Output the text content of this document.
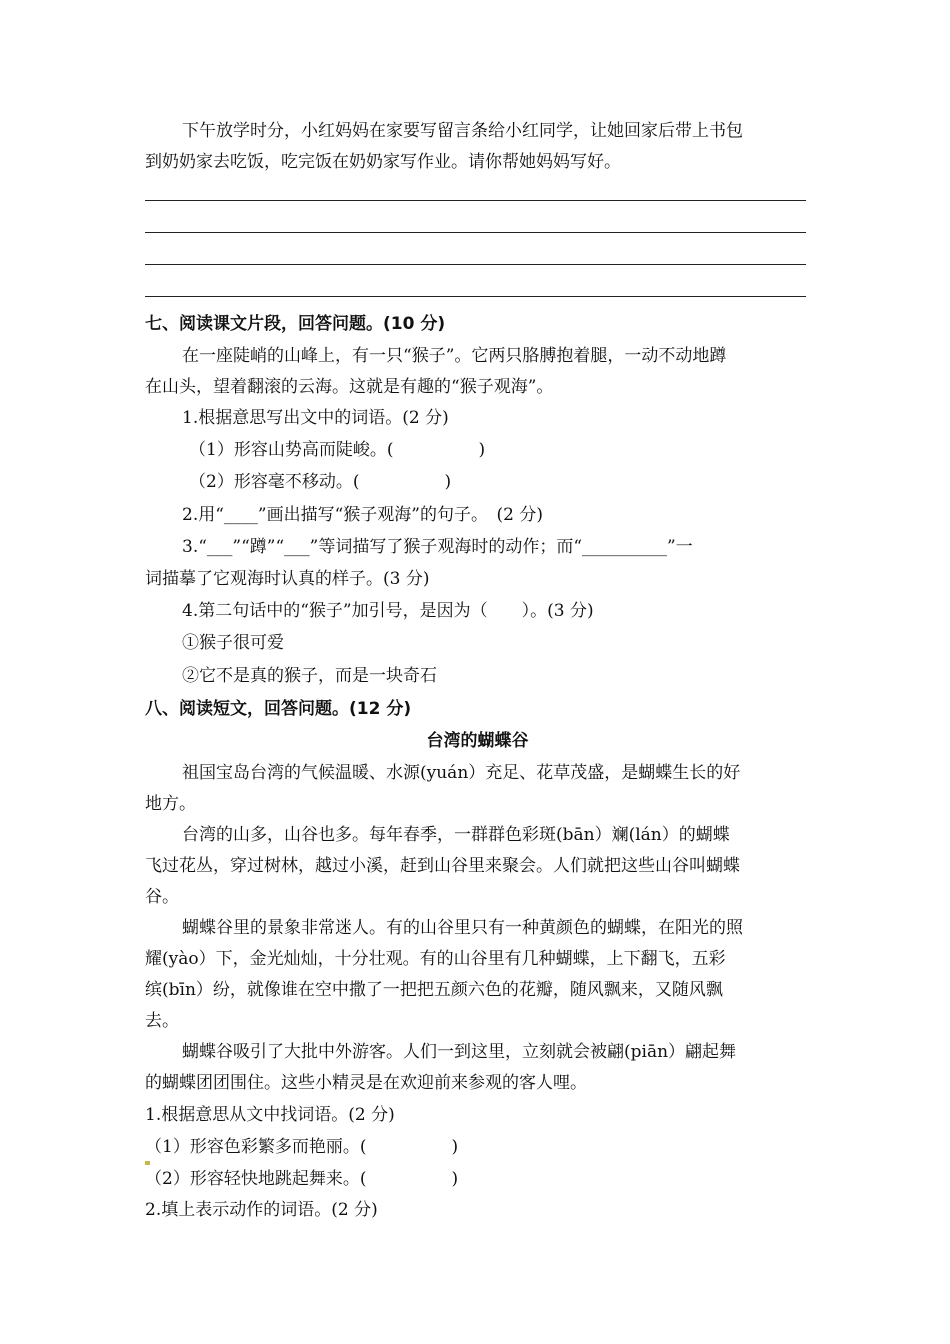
下午放学时分，小红妈妈在家要写留言条给小红同学，让她回家后带上书包
到奶奶家去吃饭，吃完饭在奶奶家写作业。请你帮她妈妈写好。
七、阅读课文片段，回答问题。(10 分)
在一座陡峭的山峰上，有一只“猴子”。它两只胳膊抱着腿，一动不动地蹲
在山头，望着翻滚的云海。这就是有趣的“猴子观海”。
1.根据意思写出文中的词语。(2 分)
（1）形容山势高而陡峻。(　　　　　)
（2）形容毫不移动。(　　　　　)
2.用“____”画出描写“猴子观海”的句子。　(2 分)
3.“___”“蹲”“___”等词描写了猴子观海时的动作；而“__________”一
词描摹了它观海时认真的样子。(3 分)
4.第二句话中的“猴子”加引号，是因为（　　）。(3 分)
①猴子很可爱
②它不是真的猴子，而是一块奇石
八、阅读短文，回答问题。(12 分)
台湾的蝴蝶谷
祖国宝岛台湾的气候温暖、水源(yuán）充足、花草茂盛，是蝴蝶生长的好
地方。
台湾的山多，山谷也多。每年春季，一群群色彩斑(bān）斓(lán）的蝴蝶
飞过花丛，穿过树林，越过小溪，赶到山谷里来聚会。人们就把这些山谷叫蝴蝶
谷。
蝴蝶谷里的景象非常迷人。有的山谷里只有一种黄颜色的蝴蝶，在阳光的照
耀(yào）下，金光灿灿，十分壮观。有的山谷里有几种蝴蝶，上下翻飞，五彩
缤(bīn）纷，就像谁在空中撒了一把把五颜六色的花瓣，随风飘来，又随风飘
去。
蝴蝶谷吸引了大批中外游客。人们一到这里，立刻就会被翩(piān）翩起舞
的蝴蝶团团围住。这些小精灵是在欢迎前来参观的客人哩。
1.根据意思从文中找词语。(2 分)
（1）形容色彩繁多而艳丽。(　　　　　)
（2）形容轻快地跳起舞来。(　　　　　)
2.填上表示动作的词语。(2 分)
